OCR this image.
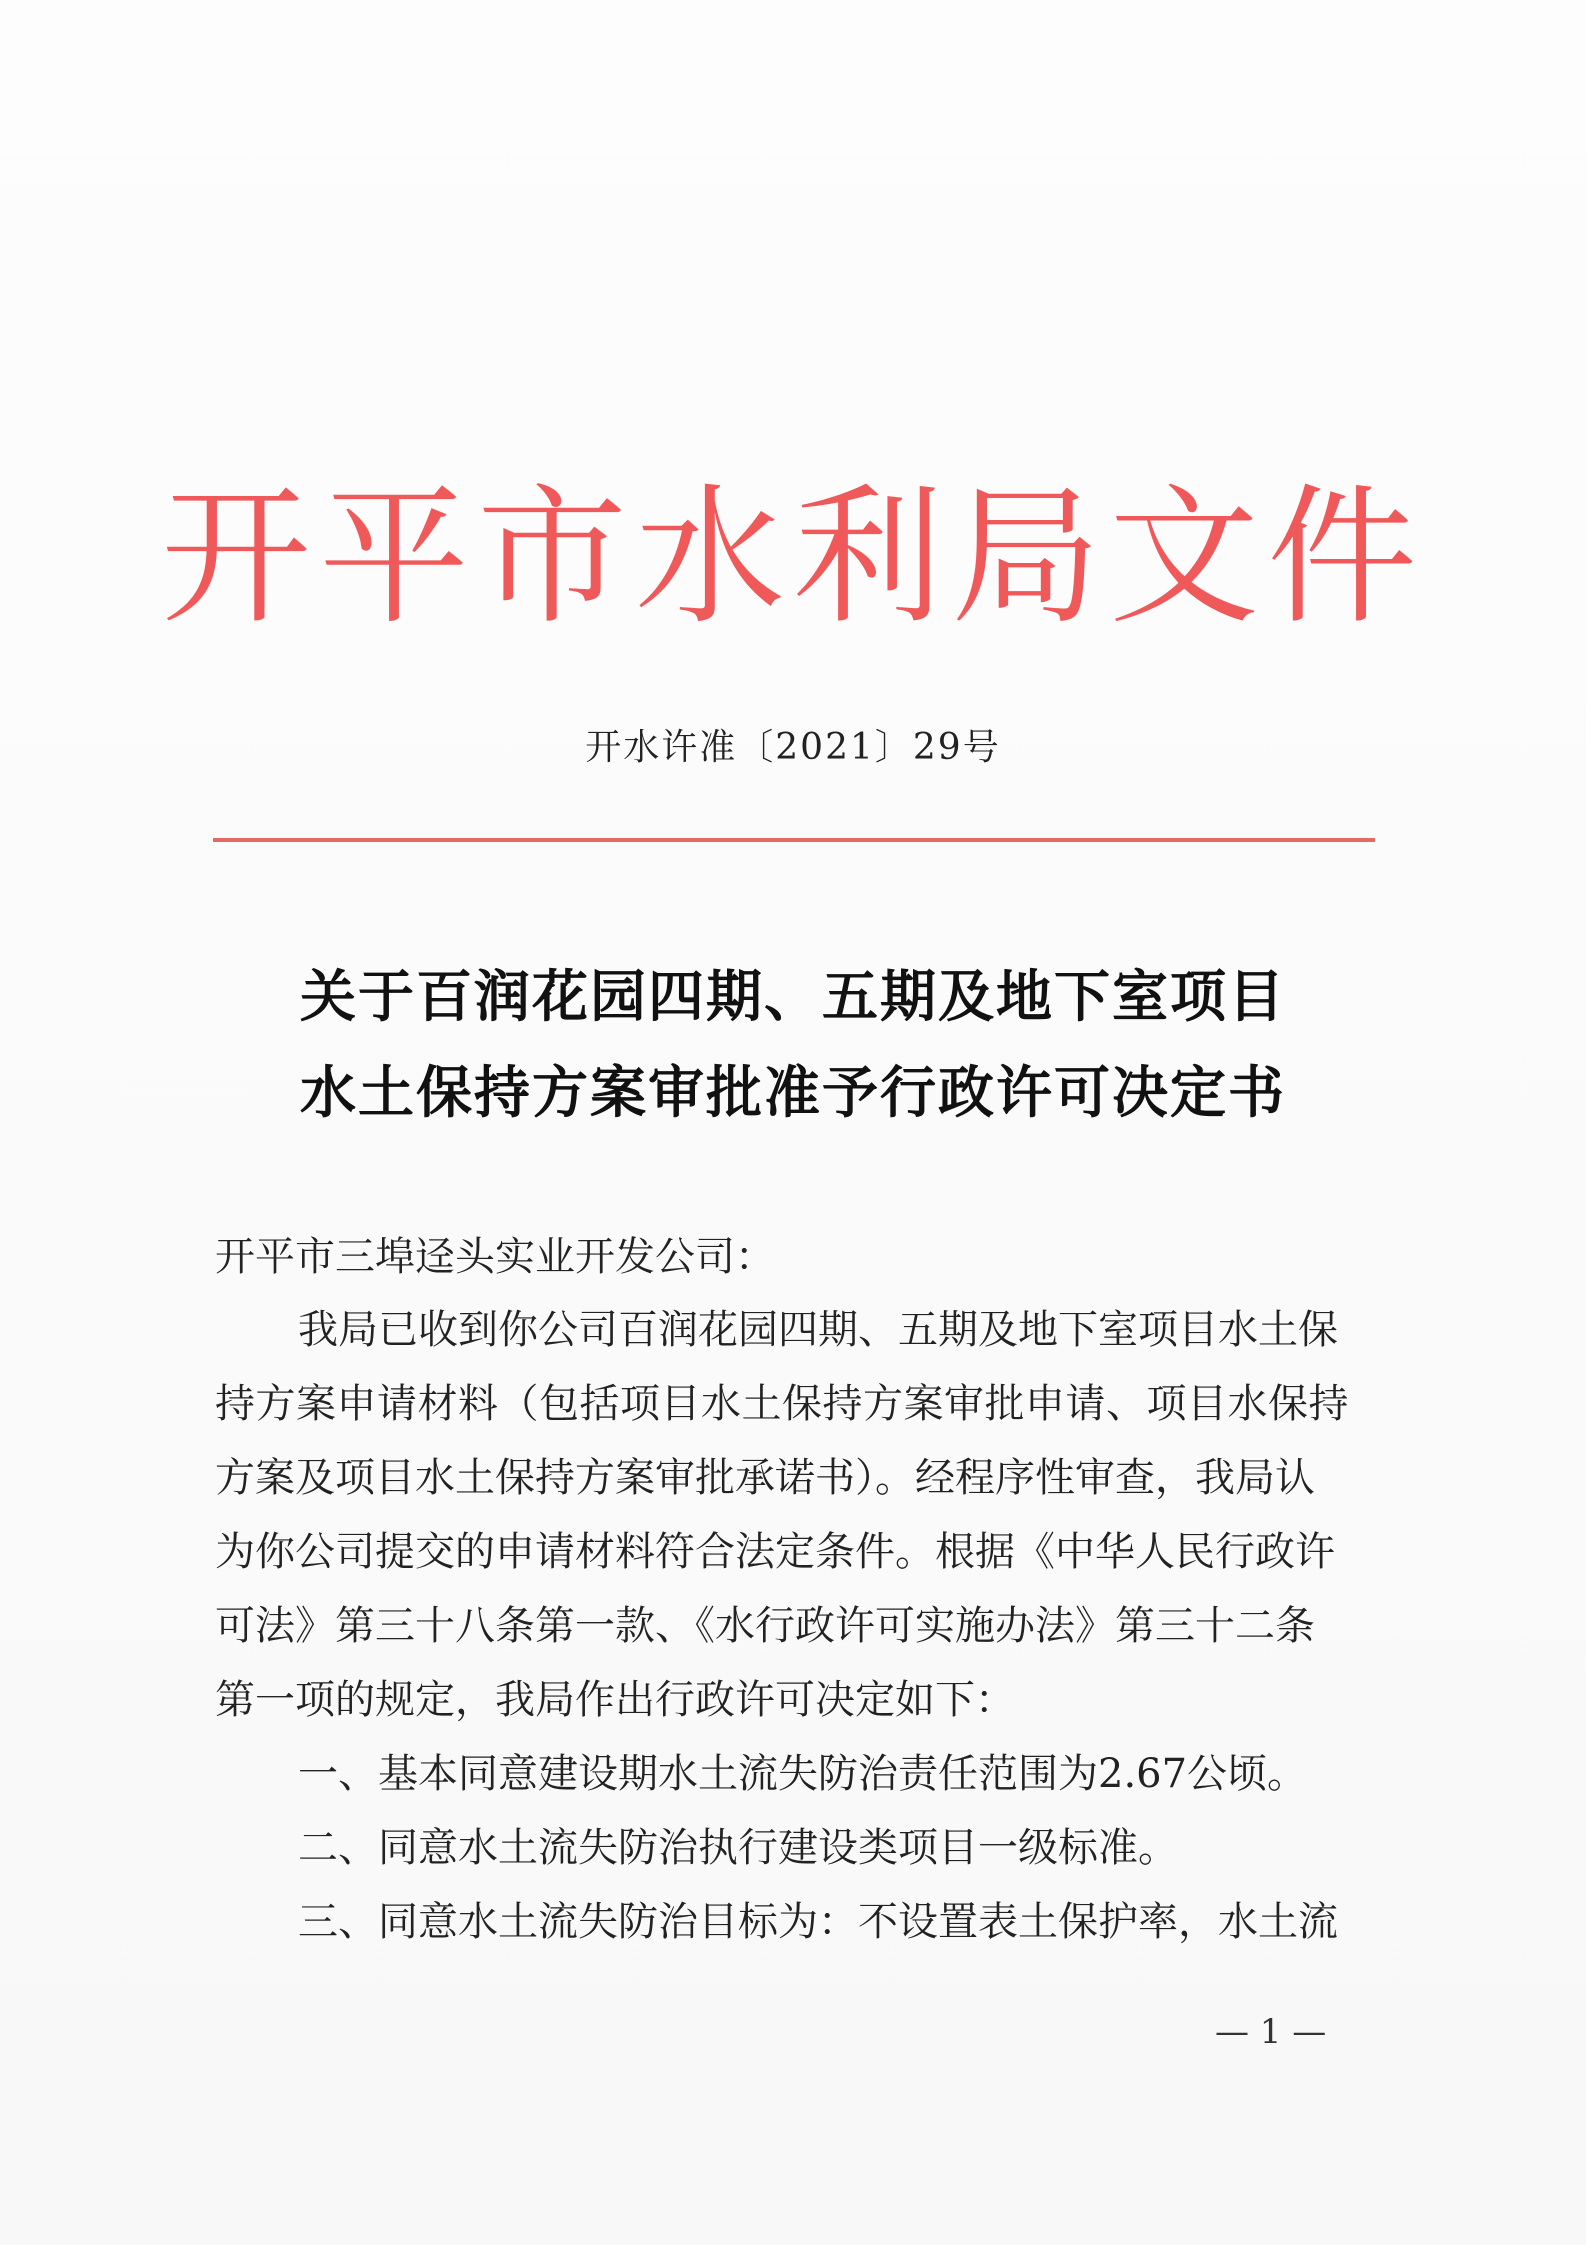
开平市水利局文件
开水许准〔2021〕29号
关于百润花园四期、五期及地下室项目
水土保持方案审批准予行政许可决定书
开平市三埠迳头实业开发公司：
我局已收到你公司百润花园四期、五期及地下室项目水土保
持方案申请材料（包括项目水土保持方案审批申请、项目水保持
方案及项目水土保持方案审批承诺书）。经程序性审查，我局认
为你公司提交的申请材料符合法定条件。根据《中华人民行政许
可法》第三十八条第一款、《水行政许可实施办法》第三十二条
第一项的规定，我局作出行政许可决定如下：
一、基本同意建设期水土流失防治责任范围为2.67公顷。
二、同意水土流失防治执行建设类项目一级标准。
三、同意水土流失防治目标为：不设置表土保护率，水土流
— 1 —
